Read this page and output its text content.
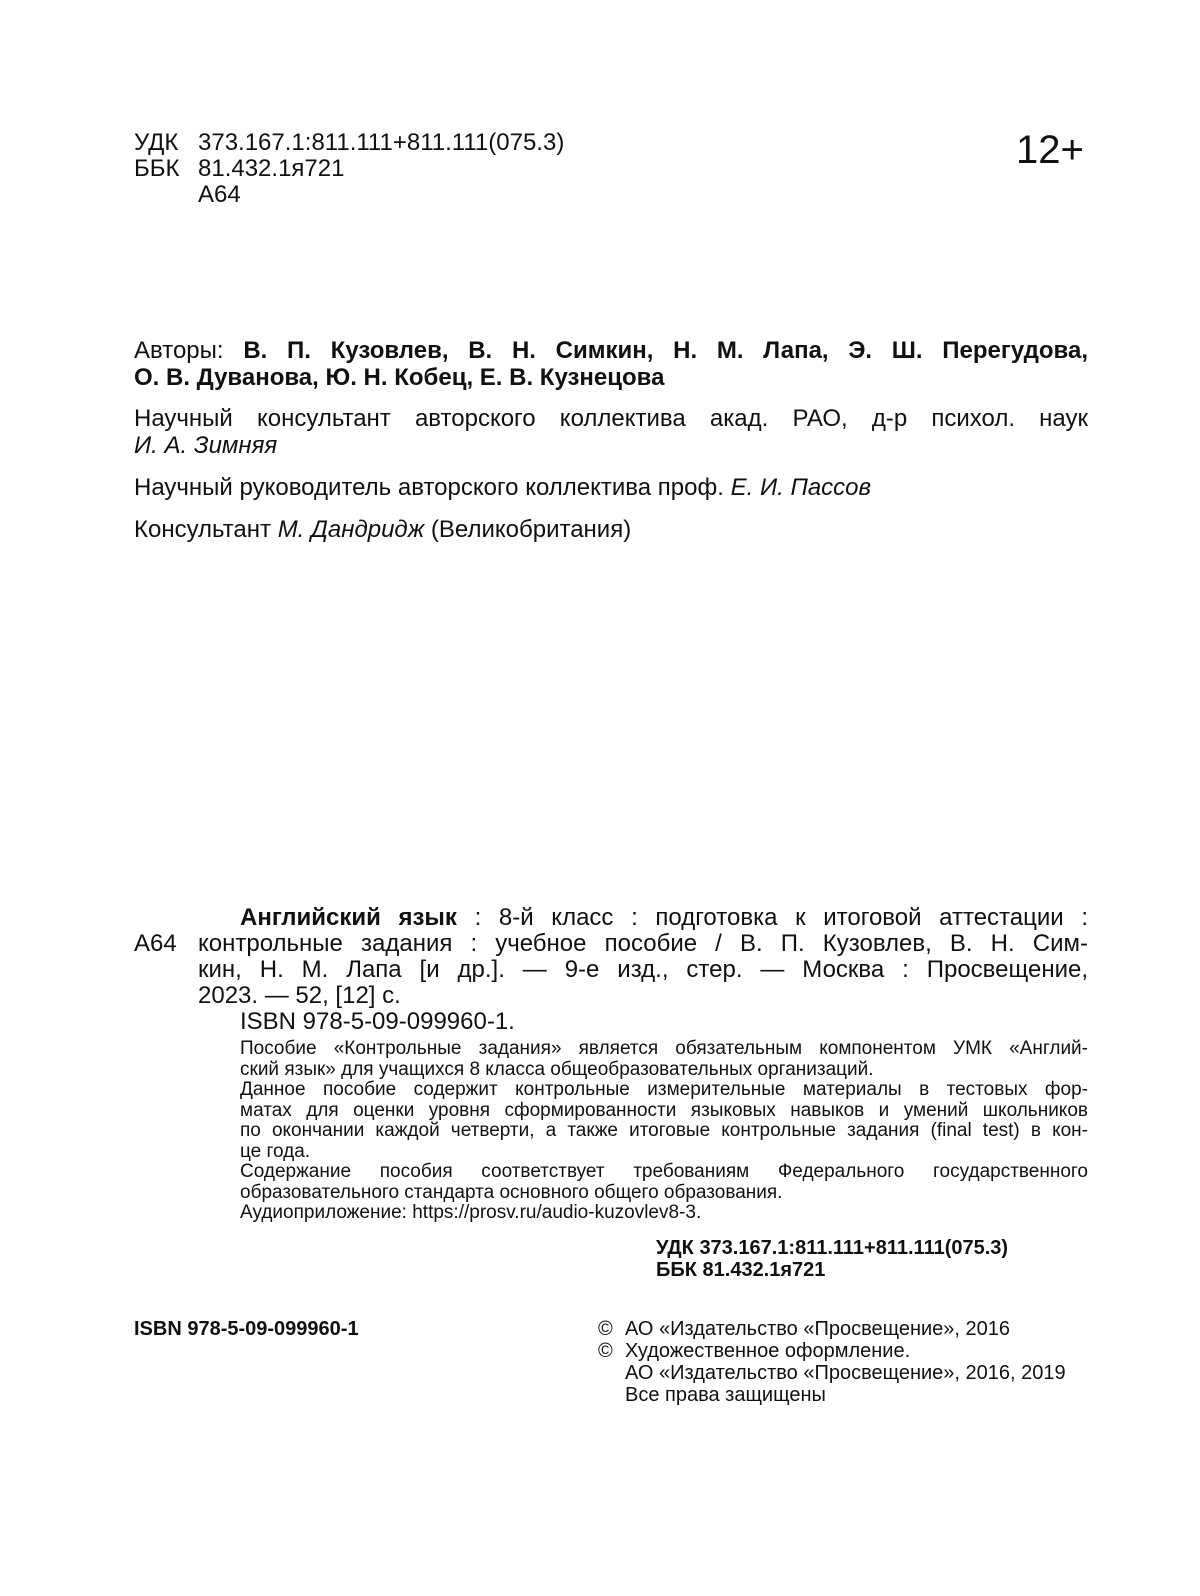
УДК 373.167.1:811.111+811.111(075.3)
ББК 81.432.1я721
А64
12+
Авторы: В. П. Кузовлев, В. Н. Симкин, Н. М. Лапа, Э. Ш. Перегудова,
О. В. Дуванова, Ю. Н. Кобец, Е. В. Кузнецова
Научный консультант авторского коллектива акад. РАО, д-р психол. наук
И. А. Зимняя
Научный руководитель авторского коллектива проф. Е. И. Пассов
Консультант М. Дандридж (Великобритания)
А64
Английский язык : 8-й класс : подготовка к итоговой аттестации :
контрольные задания : учебное пособие / В. П. Кузовлев, В. Н. Сим-
кин, Н. М. Лапа [и др.]. — 9-е изд., стер. — Москва : Просвещение,
2023. — 52, [12] с.
ISBN 978-5-09-099960-1.
Пособие «Контрольные задания» является обязательным компонентом УМК «Англий-
ский язык» для учащихся 8 класса общеобразовательных организаций.
Данное пособие содержит контрольные измерительные материалы в тестовых фор-
матах для оценки уровня сформированности языковых навыков и умений школьников
по окончании каждой четверти, а также итоговые контрольные задания (final test) в кон-
це года.
Содержание пособия соответствует требованиям Федерального государственного
образовательного стандарта основного общего образования.
Аудиоприложение: https://prosv.ru/audio-kuzovlev8-3.
УДК 373.167.1:811.111+811.111(075.3)
ББК 81.432.1я721
ISBN 978-5-09-099960-1	© АО «Издательство «Просвещение», 2016
© Художественное оформление.
АО «Издательство «Просвещение», 2016, 2019
Все права защищены
